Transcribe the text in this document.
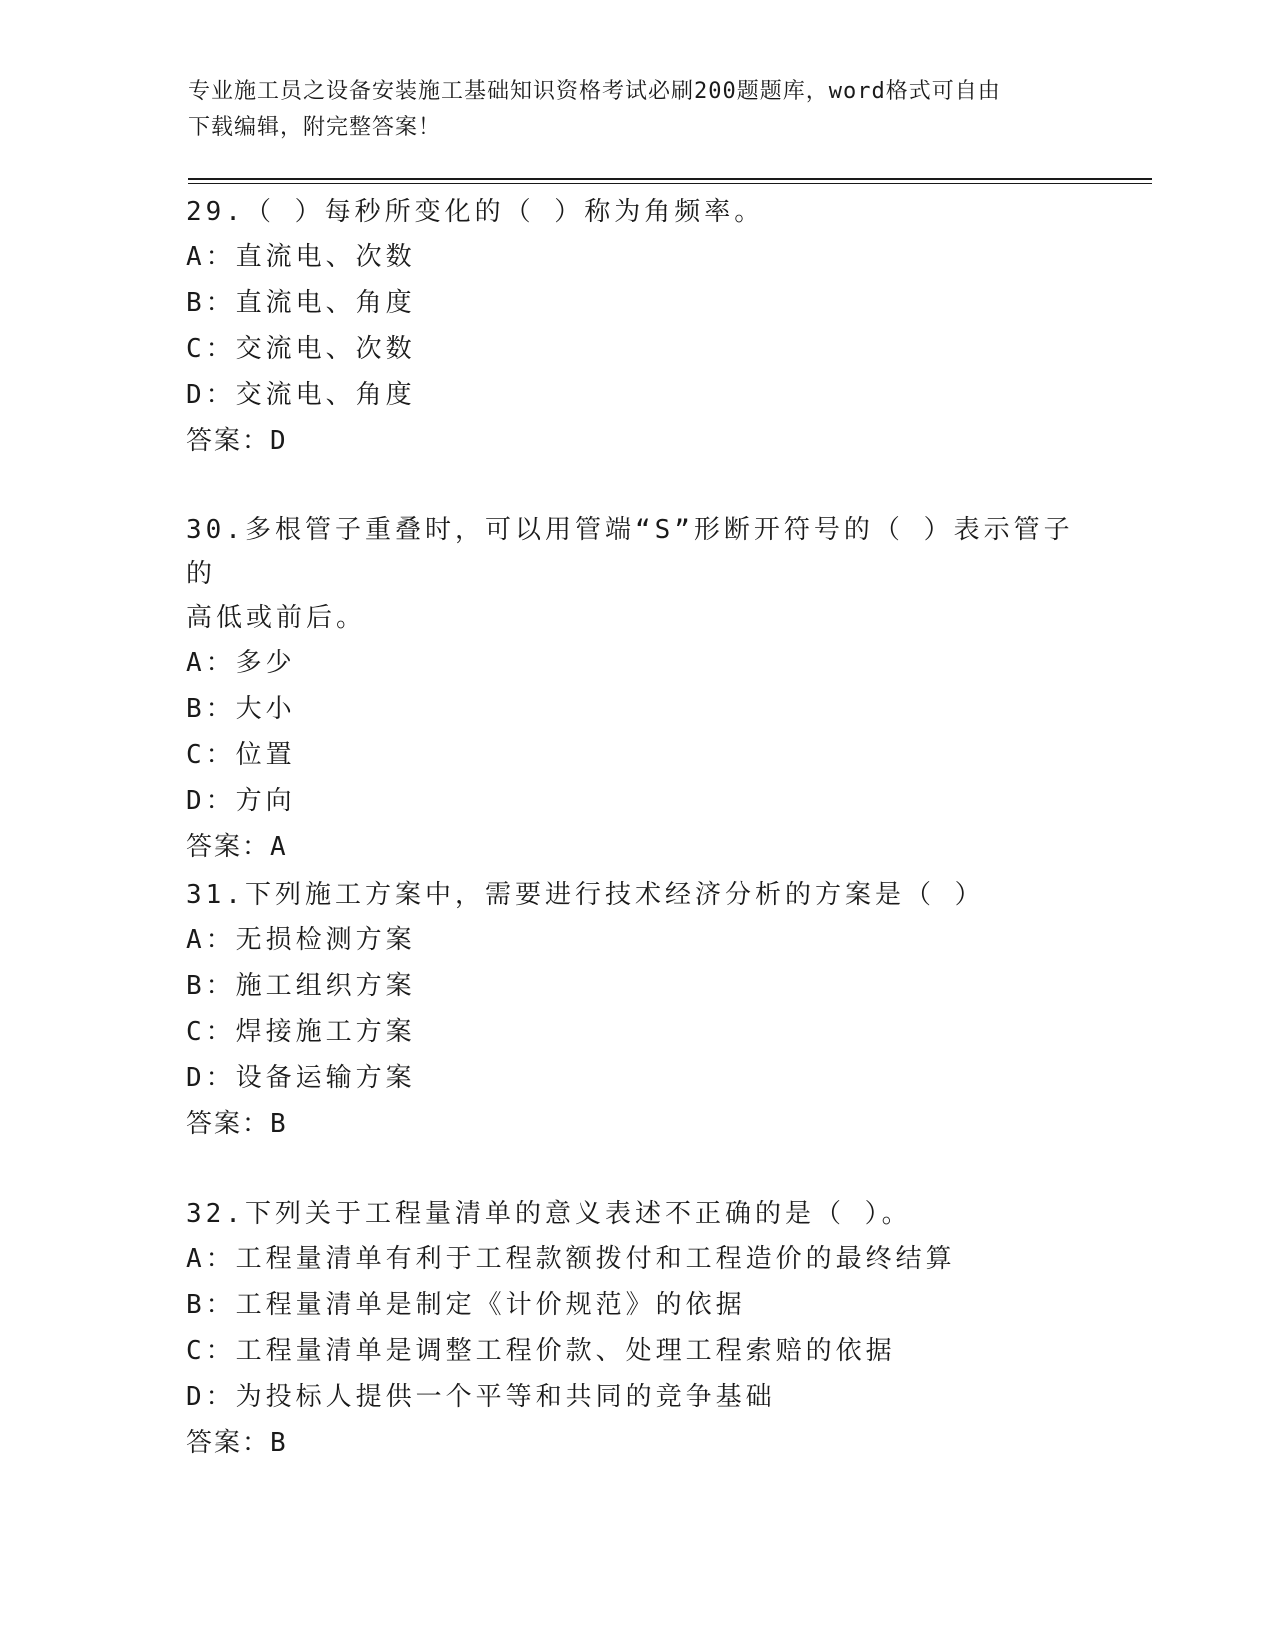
专业施工员之设备安装施工基础知识资格考试必刷200题题库，word格式可自由
下载编辑，附完整答案！
29.（ ）每秒所变化的（ ）称为角频率。
A：直流电、次数
B：直流电、角度
C：交流电、次数
D：交流电、角度
答案：D
30.多根管子重叠时，可以用管端“S”形断开符号的（ ）表示管子的
高低或前后。
A：多少
B：大小
C：位置
D：方向
答案：A
31.下列施工方案中，需要进行技术经济分析的方案是（ ）
A：无损检测方案
B：施工组织方案
C：焊接施工方案
D：设备运输方案
答案：B
32.下列关于工程量清单的意义表述不正确的是（ ）。
A：工程量清单有利于工程款额拨付和工程造价的最终结算
B：工程量清单是制定《计价规范》的依据
C：工程量清单是调整工程价款、处理工程索赔的依据
D：为投标人提供一个平等和共同的竞争基础
答案：B
